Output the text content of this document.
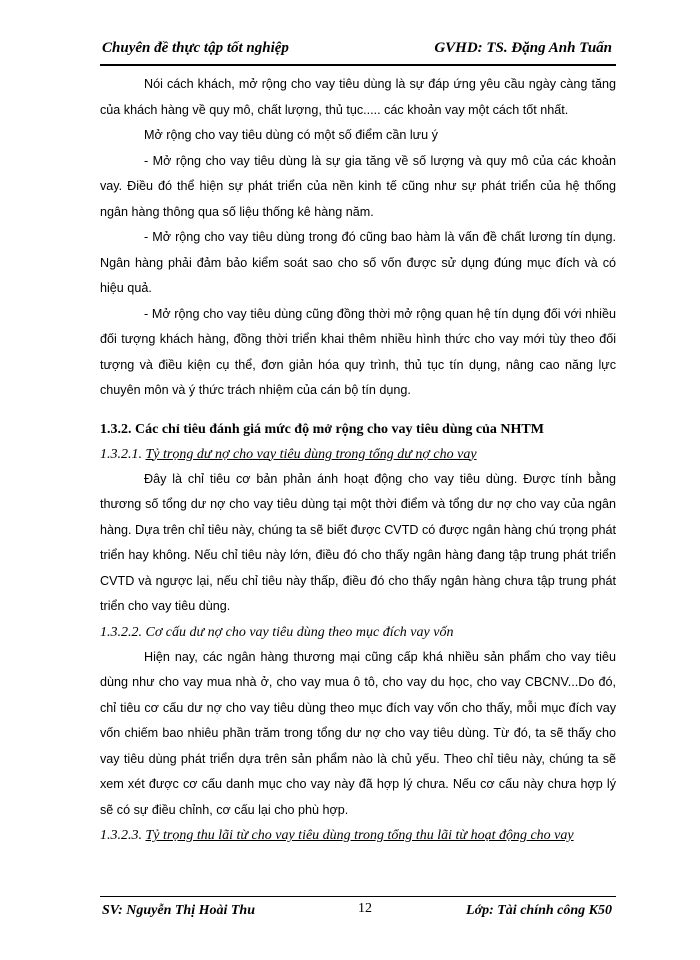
Chuyên đề thực tập tốt nghiệp	GVHD: TS. Đặng Anh Tuấn

Nói cách khách, mở rộng cho vay tiêu dùng là sự đáp ứng yêu cầu ngày càng tăng của khách hàng về quy mô, chất lượng, thủ tục..... các khoản vay một cách tốt nhất.

Mở rộng cho vay tiêu dùng có một số điểm cần lưu ý

- Mở rộng cho vay tiêu dùng là sự gia tăng về số lượng và quy mô của các khoản vay. Điều đó thể hiện sự phát triển của nền kinh tế cũng như sự phát triển của hệ thống ngân hàng thông qua số liệu thống kê hàng năm.

- Mở rộng cho vay tiêu dùng trong đó cũng bao hàm là vấn đề chất lương tín dụng. Ngân hàng phải đảm bảo kiểm soát sao cho số vốn được sử dụng đúng mục đích và có hiệu quả.

- Mở rộng cho vay tiêu dùng cũng đồng thời mở rộng quan hệ tín dụng đối với nhiều đối tượng khách hàng, đồng thời triển khai thêm nhiều hình thức cho vay mới tùy theo đối tượng và điều kiện cụ thể, đơn giản hóa quy trình, thủ tục tín dụng, nâng cao năng lực chuyên môn và ý thức trách nhiệm của cán bộ tín dụng.

1.3.2. Các chỉ tiêu đánh giá mức độ mở rộng cho vay tiêu dùng của NHTM

1.3.2.1. Tỷ trọng dư nợ cho vay tiêu dùng trong tổng dư nợ cho vay

Đây là chỉ tiêu cơ bản phản ánh hoạt động cho vay tiêu dùng. Được tính bằng thương số tổng dư nợ cho vay tiêu dùng tại một thời điểm và tổng dư nợ cho vay của ngân hàng. Dựa trên chỉ tiêu này, chúng ta sẽ biết được CVTD có được ngân hàng chú trọng phát triển hay không. Nếu chỉ tiêu này lớn, điều đó cho thấy ngân hàng đang tập trung phát triển CVTD và ngược lại, nếu chỉ tiêu này thấp, điều đó cho thấy ngân hàng chưa tập trung phát triển cho vay tiêu dùng.

1.3.2.2. Cơ cấu dư nợ cho vay tiêu dùng theo mục đích vay vốn

Hiện nay, các ngân hàng thương mại cũng cấp khá nhiều sản phẩm cho vay tiêu dùng như cho vay mua nhà ở, cho vay mua ô tô, cho vay du học, cho vay CBCNV...Do đó, chỉ tiêu cơ cấu dư nợ cho vay tiêu dùng theo mục đích vay vốn cho thấy, mỗi mục đích vay vốn chiếm bao nhiêu phần trăm trong tổng dư nợ cho vay tiêu dùng. Từ đó, ta sẽ thấy cho vay tiêu dùng phát triển dựa trên sản phẩm nào là chủ yếu. Theo chỉ tiêu này, chúng ta sẽ xem xét được cơ cấu danh mục cho vay này đã hợp lý chưa. Nếu cơ cấu này chưa hợp lý sẽ có sự điều chỉnh, cơ cấu lại cho phù hợp.

1.3.2.3. Tỷ trọng thu lãi từ cho vay tiêu dùng trong tổng thu lãi từ hoạt động cho vay

SV: Nguyễn Thị Hoài Thu	12	Lớp: Tài chính công K50
